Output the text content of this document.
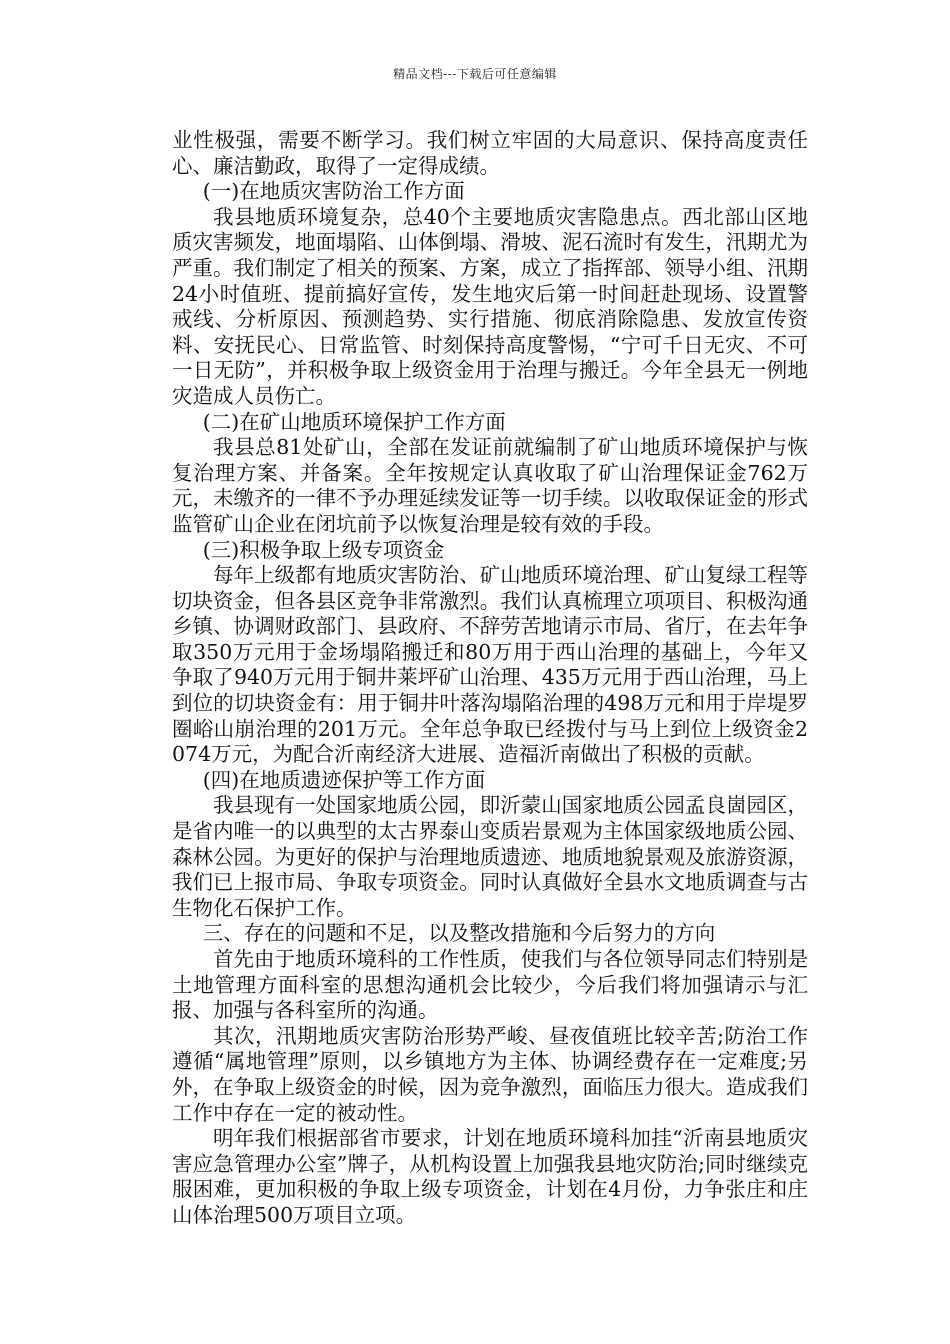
精品文档---下载后可任意编辑

业性极强，需要不断学习。我们树立牢固的大局意识、保持高度责任心、廉洁勤政，取得了一定得成绩。

(一)在地质灾害防治工作方面

我县地质环境复杂，总40个主要地质灾害隐患点。西北部山区地质灾害频发，地面塌陷、山体倒塌、滑坡、泥石流时有发生，汛期尤为严重。我们制定了相关的预案、方案，成立了指挥部、领导小组、汛期24小时值班、提前搞好宣传，发生地灾后第一时间赶赴现场、设置警戒线、分析原因、预测趋势、实行措施、彻底消除隐患、发放宣传资料、安抚民心、日常监管、时刻保持高度警惕，“宁可千日无灾、不可一日无防”，并积极争取上级资金用于治理与搬迁。今年全县无一例地灾造成人员伤亡。

(二)在矿山地质环境保护工作方面

我县总81处矿山，全部在发证前就编制了矿山地质环境保护与恢复治理方案、并备案。全年按规定认真收取了矿山治理保证金762万元，未缴齐的一律不予办理延续发证等一切手续。以收取保证金的形式监管矿山企业在闭坑前予以恢复治理是较有效的手段。

(三)积极争取上级专项资金

每年上级都有地质灾害防治、矿山地质环境治理、矿山复绿工程等切块资金，但各县区竞争非常激烈。我们认真梳理立项项目、积极沟通乡镇、协调财政部门、县政府、不辞劳苦地请示市局、省厅，在去年争取350万元用于金场塌陷搬迁和80万用于西山治理的基础上，今年又争取了940万元用于铜井莱坪矿山治理、435万元用于西山治理，马上到位的切块资金有：用于铜井叶落沟塌陷治理的498万元和用于岸堤罗圈峪山崩治理的201万元。全年总争取已经拨付与马上到位上级资金2074万元，为配合沂南经济大进展、造福沂南做出了积极的贡献。

(四)在地质遗迹保护等工作方面

我县现有一处国家地质公园，即沂蒙山国家地质公园孟良崮园区，是省内唯一的以典型的太古界泰山变质岩景观为主体国家级地质公园、森林公园。为更好的保护与治理地质遗迹、地质地貌景观及旅游资源，我们已上报市局、争取专项资金。同时认真做好全县水文地质调查与古生物化石保护工作。

三、存在的问题和不足，以及整改措施和今后努力的方向

首先由于地质环境科的工作性质，使我们与各位领导同志们特别是土地管理方面科室的思想沟通机会比较少，今后我们将加强请示与汇报、加强与各科室所的沟通。

其次，汛期地质灾害防治形势严峻、昼夜值班比较辛苦;防治工作遵循“属地管理”原则，以乡镇地方为主体、协调经费存在一定难度;另外，在争取上级资金的时候，因为竞争激烈，面临压力很大。造成我们工作中存在一定的被动性。

明年我们根据部省市要求，计划在地质环境科加挂“沂南县地质灾害应急管理办公室”牌子，从机构设置上加强我县地灾防治;同时继续克服困难，更加积极的争取上级专项资金，计划在4月份，力争张庄和庄山体治理500万项目立项。
